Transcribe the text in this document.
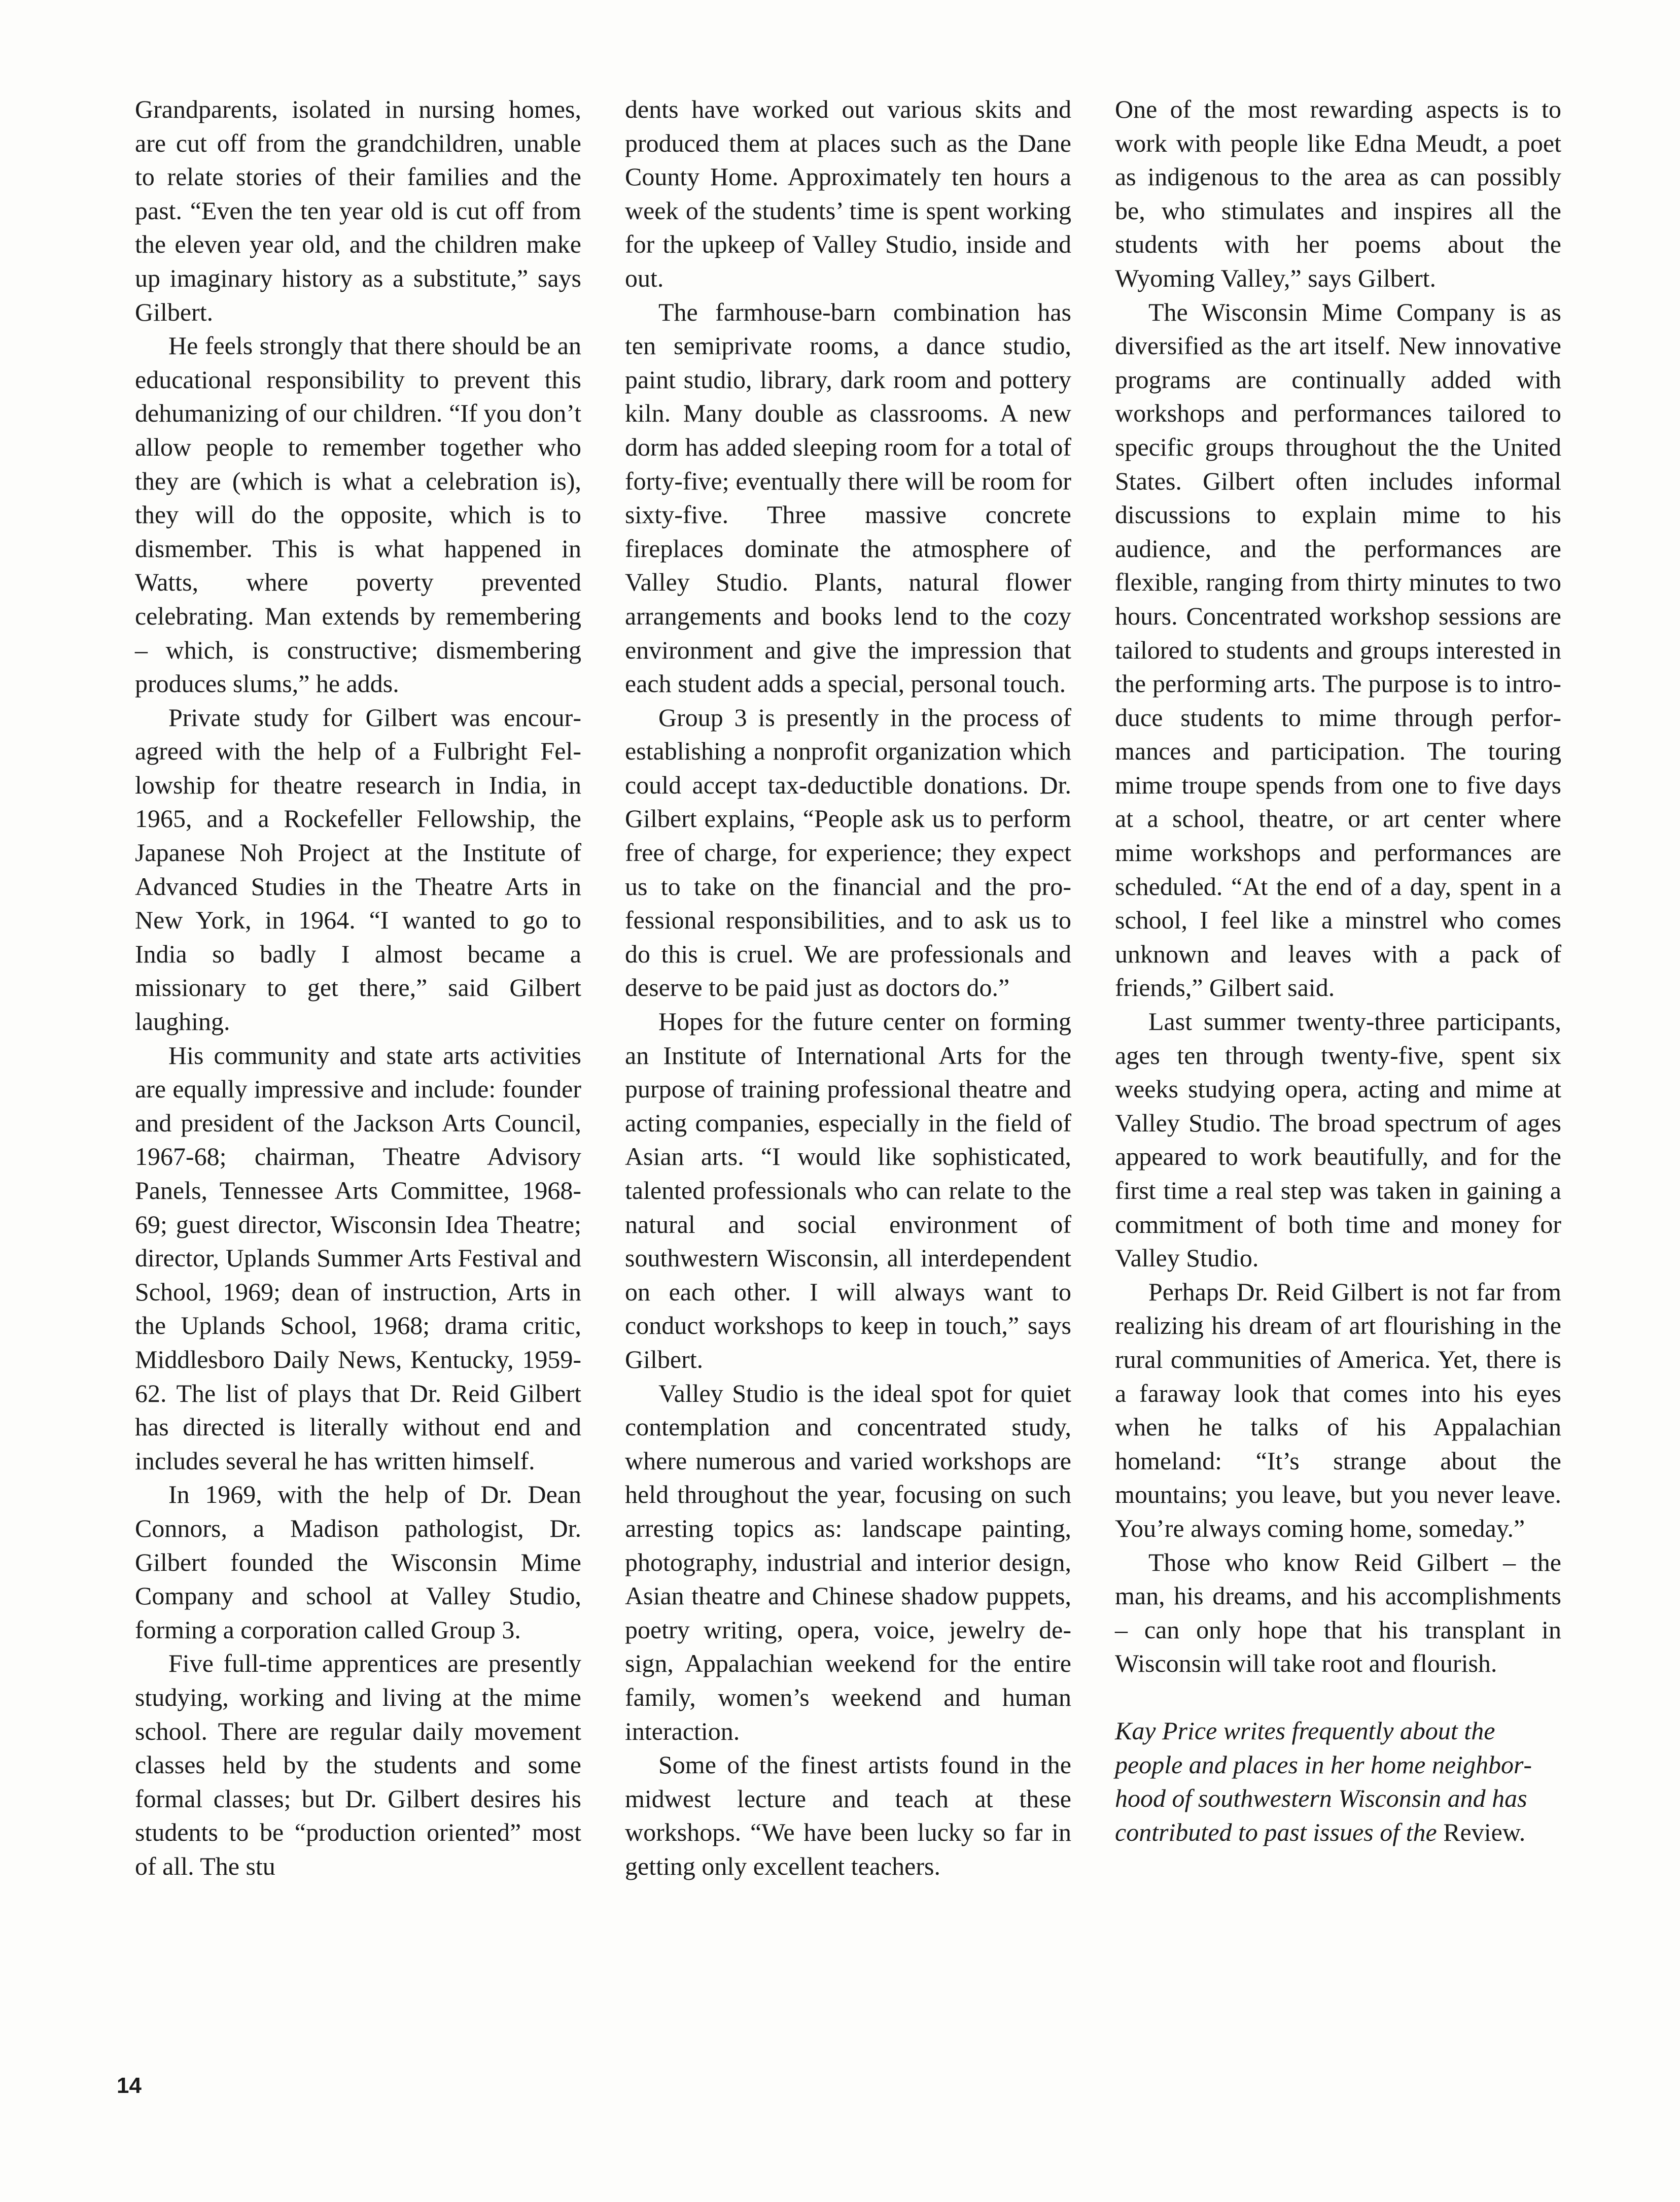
Grandparents, isolated in nursing homes, are cut off from the grandchildren, unable to relate stories of their families and the past. “Even the ten year old is cut off from the eleven year old, and the children make up imaginary history as a substitute,” says Gilbert.

He feels strongly that there should be an educational responsibility to prevent this dehumanizing of our children. “If you don’t allow people to remember together who they are (which is what a celebration is), they will do the opposite, which is to dismember. This is what happened in Watts, where poverty prevented celebrating. Man extends by remembering – which, is constructive; dismembering produces slums,” he adds.

Private study for Gilbert was encouragreed with the help of a Fulbright Fellowship for theatre research in India, in 1965, and a Rockefeller Fellowship, the Japanese Noh Project at the Institute of Advanced Studies in the Theatre Arts in New York, in 1964. “I wanted to go to India so badly I almost became a missionary to get there,” said Gilbert laughing.

His community and state arts activities are equally impressive and include: founder and president of the Jackson Arts Council, 1967-68; chairman, Theatre Advisory Panels, Tennessee Arts Committee, 1968-69; guest director, Wisconsin Idea Theatre; director, Uplands Summer Arts Festival and School, 1969; dean of instruction, Arts in the Uplands School, 1968; drama critic, Middlesboro Daily News, Kentucky, 1959-62. The list of plays that Dr. Reid Gilbert has directed is literally without end and includes several he has written himself.

In 1969, with the help of Dr. Dean Connors, a Madison pathologist, Dr. Gilbert founded the Wisconsin Mime Company and school at Valley Studio, forming a corporation called Group 3.

Five full-time apprentices are presently studying, working and living at the mime school. There are regular daily movement classes held by the students and some formal classes; but Dr. Gilbert desires his students to be “production oriented” most of all. The stu

dents have worked out various skits and produced them at places such as the Dane County Home. Approximately ten hours a week of the students’ time is spent working for the upkeep of Valley Studio, inside and out.

The farmhouse-barn combination has ten semiprivate rooms, a dance studio, paint studio, library, dark room and pottery kiln. Many double as classrooms. A new dorm has added sleeping room for a total of forty-five; eventually there will be room for sixty-five. Three massive concrete fireplaces dominate the atmosphere of Valley Studio. Plants, natural flower arrangements and books lend to the cozy environment and give the impression that each student adds a special, personal touch.

Group 3 is presently in the process of establishing a nonprofit organization which could accept tax-deductible donations. Dr. Gilbert explains, “People ask us to perform free of charge, for experience; they expect us to take on the financial and the professional responsibilities, and to ask us to do this is cruel. We are professionals and deserve to be paid just as doctors do.”

Hopes for the future center on forming an Institute of International Arts for the purpose of training professional theatre and acting companies, especially in the field of Asian arts. “I would like sophisticated, talented professionals who can relate to the natural and social environment of southwestern Wisconsin, all interdependent on each other. I will always want to conduct workshops to keep in touch,” says Gilbert.

Valley Studio is the ideal spot for quiet contemplation and concentrated study, where numerous and varied workshops are held throughout the year, focusing on such arresting topics as: landscape painting, photography, industrial and interior design, Asian theatre and Chinese shadow puppets, poetry writing, opera, voice, jewelry design, Appalachian weekend for the entire family, women’s weekend and human interaction.

Some of the finest artists found in the midwest lecture and teach at these workshops. “We have been lucky so far in getting only excellent teachers.

One of the most rewarding aspects is to work with people like Edna Meudt, a poet as indigenous to the area as can possibly be, who stimulates and inspires all the students with her poems about the Wyoming Valley,” says Gilbert.

The Wisconsin Mime Company is as diversified as the art itself. New innovative programs are continually added with workshops and performances tailored to specific groups throughout the the United States. Gilbert often includes informal discussions to explain mime to his audience, and the performances are flexible, ranging from thirty minutes to two hours. Concentrated workshop sessions are tailored to students and groups interested in the performing arts. The purpose is to introduce students to mime through performances and participation. The touring mime troupe spends from one to five days at a school, theatre, or art center where mime workshops and performances are scheduled. “At the end of a day, spent in a school, I feel like a minstrel who comes unknown and leaves with a pack of friends,” Gilbert said.

Last summer twenty-three participants, ages ten through twenty-five, spent six weeks studying opera, acting and mime at Valley Studio. The broad spectrum of ages appeared to work beautifully, and for the first time a real step was taken in gaining a commitment of both time and money for Valley Studio.

Perhaps Dr. Reid Gilbert is not far from realizing his dream of art flourishing in the rural communities of America. Yet, there is a faraway look that comes into his eyes when he talks of his Appalachian homeland: “It’s strange about the mountains; you leave, but you never leave. You’re always coming home, someday.”

Those who know Reid Gilbert – the man, his dreams, and his accomplishments – can only hope that his transplant in Wisconsin will take root and flourish.

Kay Price writes frequently about the people and places in her home neighborhood of southwestern Wisconsin and has contributed to past issues of the Review.

14
